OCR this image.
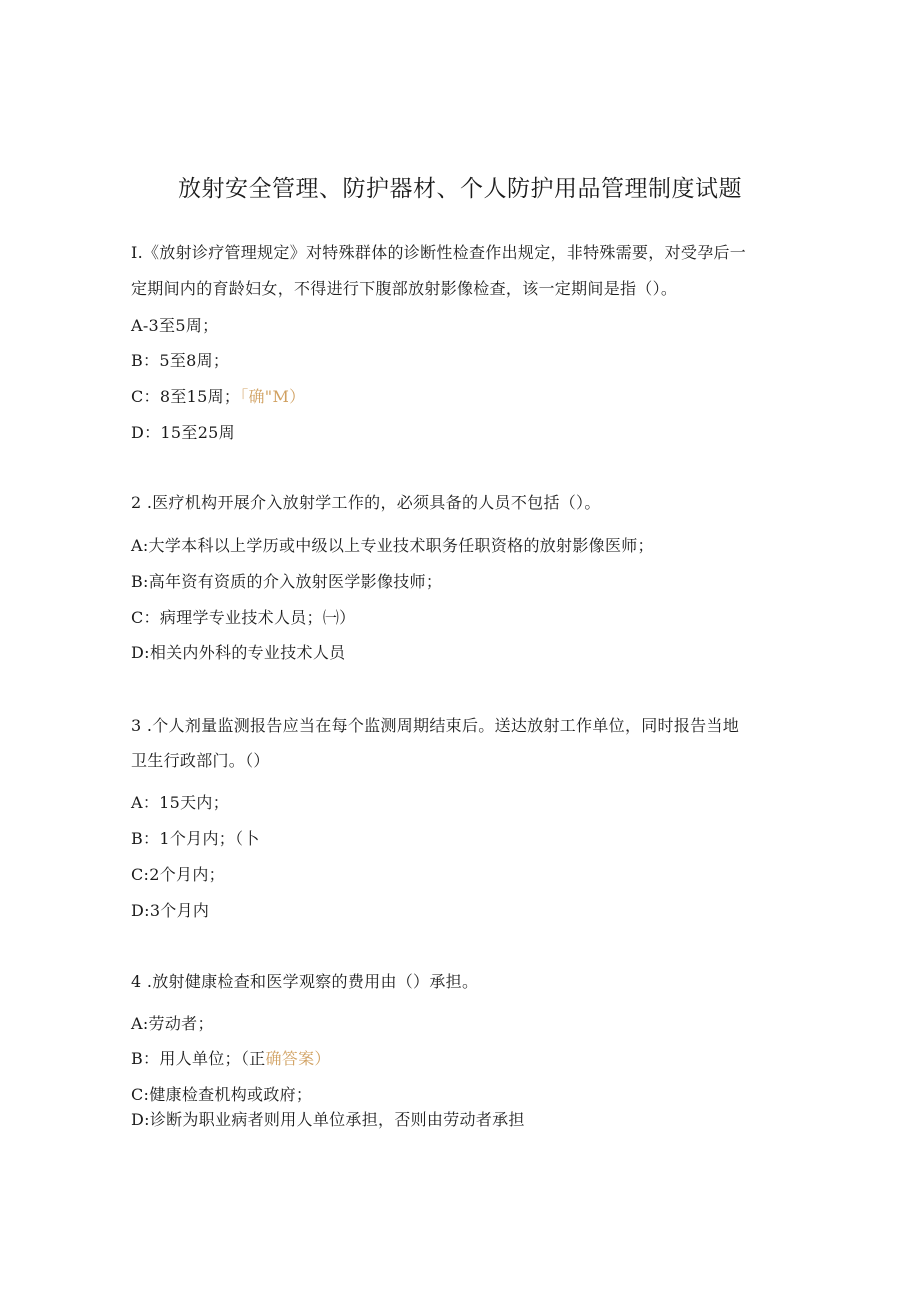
放射安全管理、防护器材、个人防护用品管理制度试题
I.《放射诊疗管理规定》对特殊群体的诊断性检查作出规定，非特殊需要，对受孕后一
定期间内的育龄妇女，不得进行下腹部放射影像检查，该一定期间是指（）。
A-3至5周；
B：5至8周；
C：8至15周；「确"M）
D：15至25周
2 .医疗机构开展介入放射学工作的，必须具备的人员不包括（）。
A:大学本科以上学历或中级以上专业技术职务任职资格的放射影像医师；
B:高年资有资质的介入放射医学影像技师；
C：病理学专业技术人员；㈠）
D:相关内外科的专业技术人员
3 .个人剂量监测报告应当在每个监测周期结束后。送达放射工作单位，同时报告当地
卫生行政部门。（）
A：15天内；
B：1个月内；（卜
C:2个月内；
D:3个月内
4 .放射健康检查和医学观察的费用由（）承担。
A:劳动者；
B：用人单位；（正确答案）
C:健康检查机构或政府；
D:诊断为职业病者则用人单位承担，否则由劳动者承担
